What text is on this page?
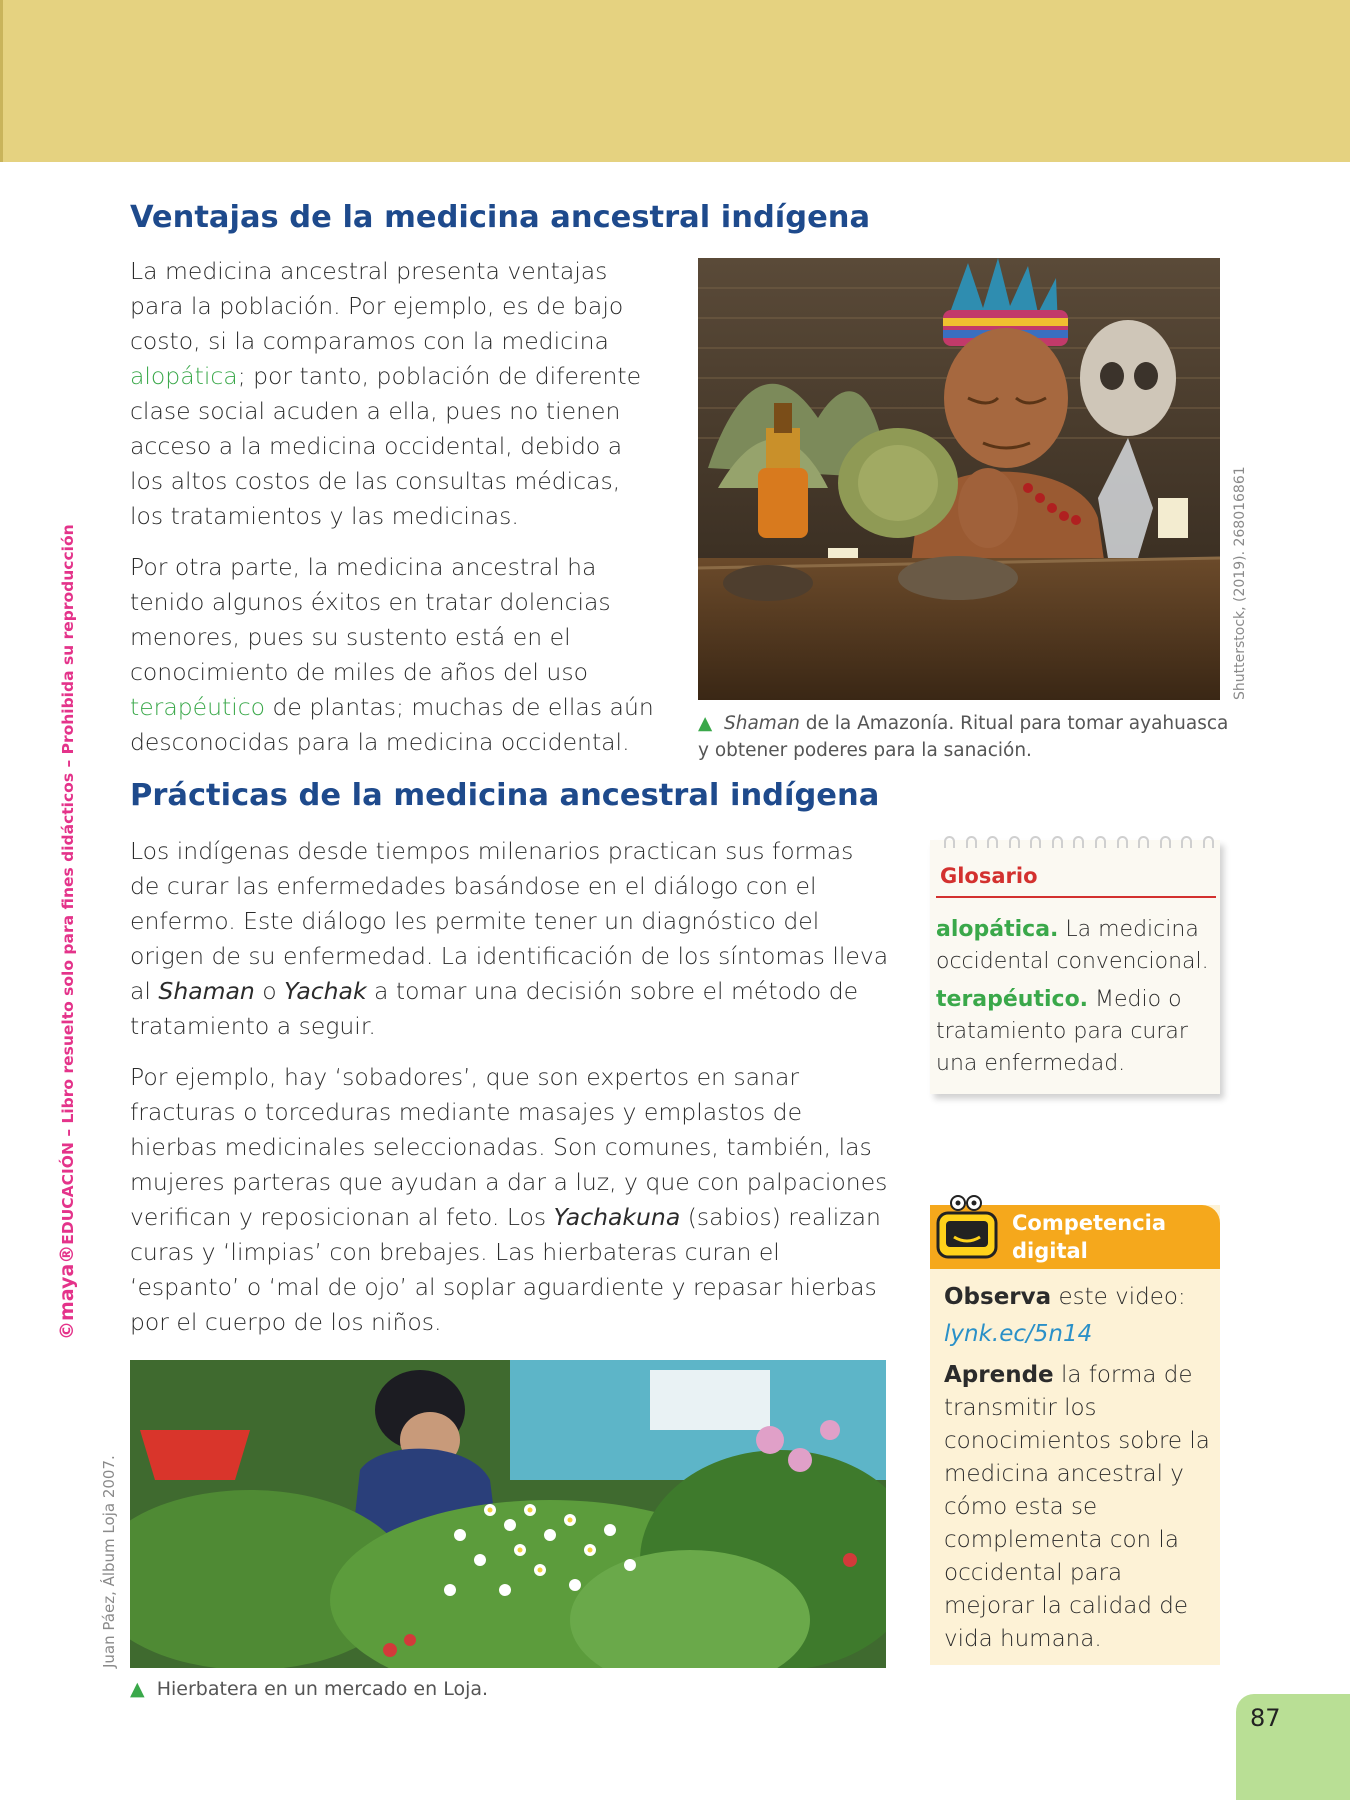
©maya®EDUCACIÓN – Libro resuelto solo para fines didácticos – Prohibida su reproducción
Ventajas de la medicina ancestral indígena

La medicina ancestral presenta ventajas para la población. Por ejemplo, es de bajo costo, si la comparamos con la medicina alopática; por tanto, población de diferente clase social acuden a ella, pues no tienen acceso a la medicina occidental, debido a los altos costos de las consultas médicas, los tratamientos y las medicinas.

Por otra parte, la medicina ancestral ha tenido algunos éxitos en tratar dolencias menores, pues su sustento está en el conocimiento de miles de años del uso terapéutico de plantas; muchas de ellas aún desconocidas para la medicina occidental.

Shutterstock, (2019). 268016861

▲ Shaman de la Amazonía. Ritual para tomar ayahuasca y obtener poderes para la sanación.

Prácticas de la medicina ancestral indígena

Los indígenas desde tiempos milenarios practican sus formas de curar las enfermedades basándose en el diálogo con el enfermo. Este diálogo les permite tener un diagnóstico del origen de su enfermedad. La identificación de los síntomas lleva al Shaman o Yachak a tomar una decisión sobre el método de tratamiento a seguir.

Por ejemplo, hay ‘sobadores’, que son expertos en sanar fracturas o torceduras mediante masajes y emplastos de hierbas medicinales seleccionadas. Son comunes, también, las mujeres parteras que ayudan a dar a luz, y que con palpaciones verifican y reposicionan al feto. Los Yachakuna (sabios) realizan curas y ‘limpias’ con brebajes. Las hierbateras curan el ‘espanto’ o ‘mal de ojo’ al soplar aguardiente y repasar hierbas por el cuerpo de los niños.

Juan Páez, Álbum Loja 2007.

▲ Hierbatera en un mercado en Loja.

Glosario
alopática. La medicina occidental convencional.
terapéutico. Medio o tratamiento para curar una enfermedad.
Competencia
digital
Observa este video:
lynk.ec/5n14
Aprende la forma de transmitir los conocimientos sobre la medicina ancestral y cómo esta se complementa con la occidental para mejorar la calidad de vida humana.
87
